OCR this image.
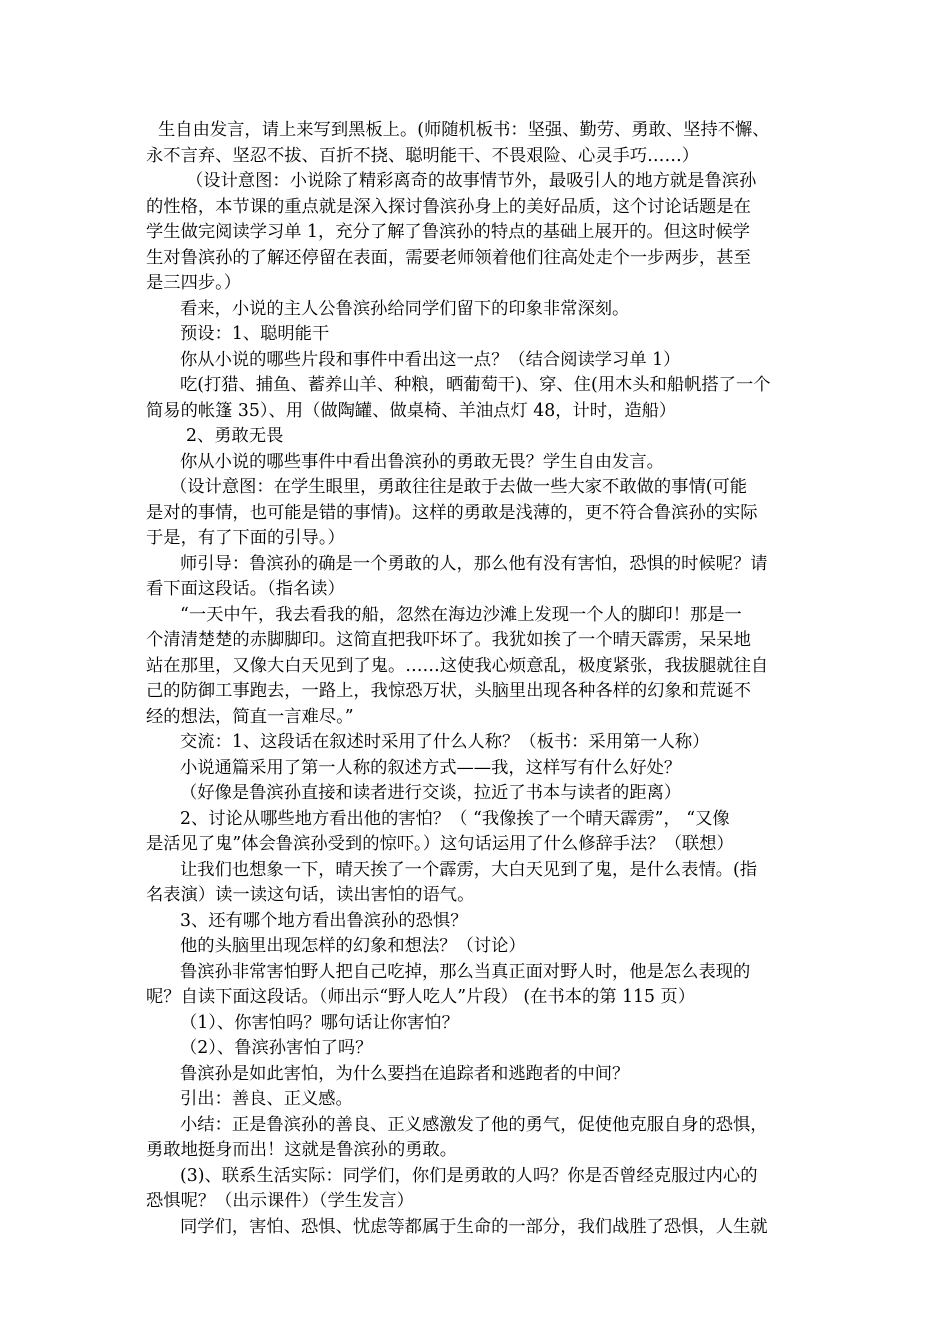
生自由发言，请上来写到黑板上。(师随机板书：坚强、勤劳、勇敢、坚持不懈、
永不言弃、坚忍不拔、百折不挠、聪明能干、不畏艰险、心灵手巧……）
（设计意图：小说除了精彩离奇的故事情节外，最吸引人的地方就是鲁滨孙
的性格，本节课的重点就是深入探讨鲁滨孙身上的美好品质，这个讨论话题是在
学生做完阅读学习单 1，充分了解了鲁滨孙的特点的基础上展开的。但这时候学
生对鲁滨孙的了解还停留在表面，需要老师领着他们往高处走个一步两步，甚至
是三四步。）
看来，小说的主人公鲁滨孙给同学们留下的印象非常深刻。
预设：1、聪明能干
你从小说的哪些片段和事件中看出这一点？（结合阅读学习单 1）
吃(打猎、捕鱼、蓄养山羊、种粮，晒葡萄干)、穿、住(用木头和船帆搭了一个
简易的帐篷 35）、用（做陶罐、做桌椅、羊油点灯 48，计时，造船）
2、勇敢无畏
你从小说的哪些事件中看出鲁滨孙的勇敢无畏？学生自由发言。
（设计意图：在学生眼里，勇敢往往是敢于去做一些大家不敢做的事情(可能
是对的事情，也可能是错的事情)。这样的勇敢是浅薄的，更不符合鲁滨孙的实际
于是，有了下面的引导。）
师引导：鲁滨孙的确是一个勇敢的人，那么他有没有害怕，恐惧的时候呢？请
看下面这段话。（指名读）
“一天中午，我去看我的船，忽然在海边沙滩上发现一个人的脚印！那是一
个清清楚楚的赤脚脚印。这简直把我吓坏了。我犹如挨了一个晴天霹雳，呆呆地
站在那里，又像大白天见到了鬼。……这使我心烦意乱，极度紧张，我拔腿就往自
己的防御工事跑去，一路上，我惊恐万状，头脑里出现各种各样的幻象和荒诞不
经的想法，简直一言难尽。”
交流：1、这段话在叙述时采用了什么人称？（板书：采用第一人称）
小说通篇采用了第一人称的叙述方式——我，这样写有什么好处？
（好像是鲁滨孙直接和读者进行交谈，拉近了书本与读者的距离）
2、讨论从哪些地方看出他的害怕？（ “我像挨了一个晴天霹雳”， “又像
是活见了鬼”体会鲁滨孙受到的惊吓。）这句话运用了什么修辞手法？（联想）
让我们也想象一下，晴天挨了一个霹雳，大白天见到了鬼，是什么表情。(指
名表演）读一读这句话，读出害怕的语气。
3、还有哪个地方看出鲁滨孙的恐惧？
他的头脑里出现怎样的幻象和想法？（讨论）
鲁滨孙非常害怕野人把自己吃掉，那么当真正面对野人时，他是怎么表现的
呢？自读下面这段话。（师出示“野人吃人”片段） (在书本的第 115 页）
（1）、你害怕吗？哪句话让你害怕？
（2）、鲁滨孙害怕了吗？
鲁滨孙是如此害怕，为什么要挡在追踪者和逃跑者的中间？
引出：善良、正义感。
小结：正是鲁滨孙的善良、正义感激发了他的勇气，促使他克服自身的恐惧，
勇敢地挺身而出！这就是鲁滨孙的勇敢。
(3)、联系生活实际：同学们，你们是勇敢的人吗？你是否曾经克服过内心的
恐惧呢？（出示课件）（学生发言）
同学们，害怕、恐惧、忧虑等都属于生命的一部分，我们战胜了恐惧，人生就
